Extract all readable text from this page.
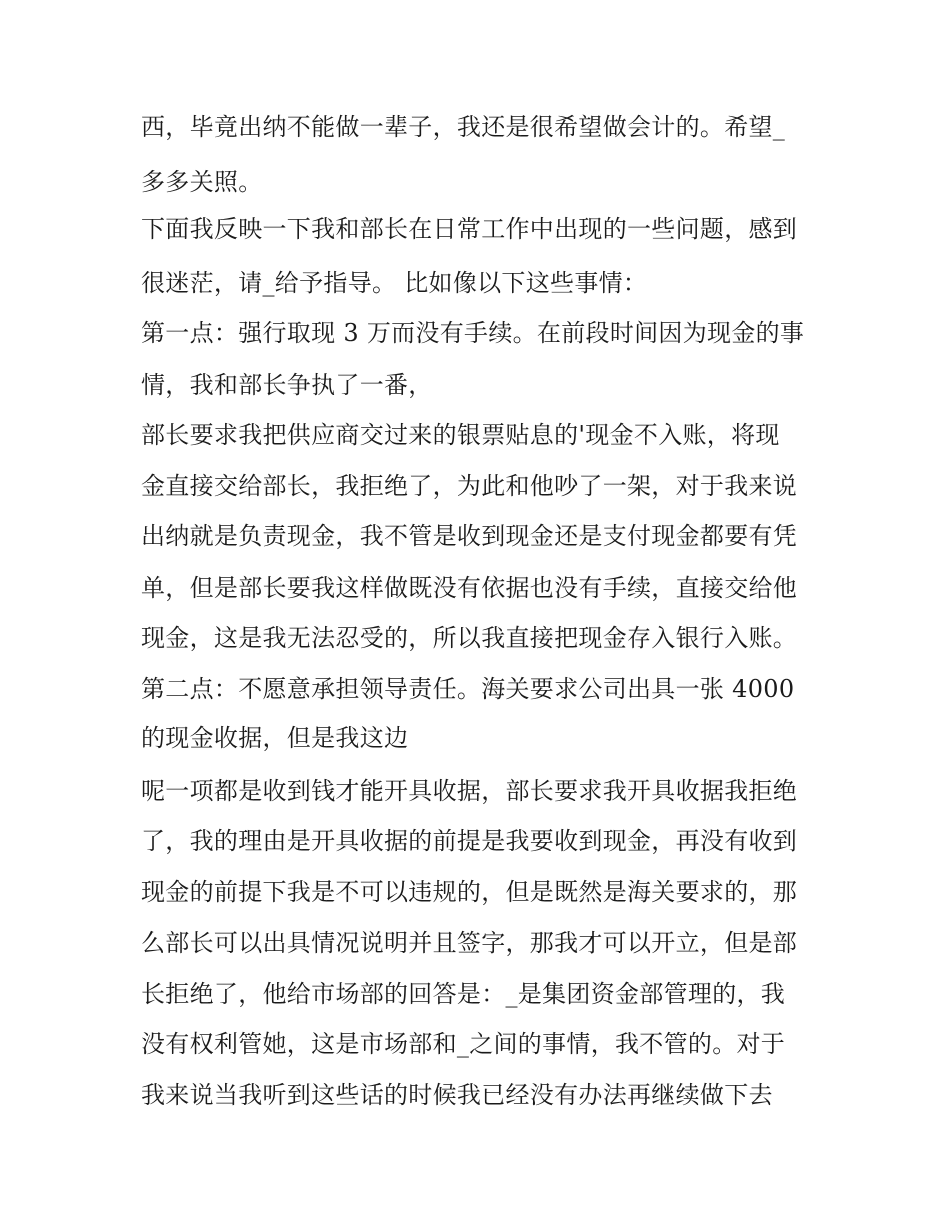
西，毕竟出纳不能做一辈子，我还是很希望做会计的。希望_
多多关照。
下面我反映一下我和部长在日常工作中出现的一些问题，感到
很迷茫，请_给予指导。 比如像以下这些事情：
第一点：强行取现 3 万而没有手续。在前段时间因为现金的事
情，我和部长争执了一番，
部长要求我把供应商交过来的银票贴息的'现金不入账，将现
金直接交给部长，我拒绝了，为此和他吵了一架，对于我来说
出纳就是负责现金，我不管是收到现金还是支付现金都要有凭
单，但是部长要我这样做既没有依据也没有手续，直接交给他
现金，这是我无法忍受的，所以我直接把现金存入银行入账。
第二点：不愿意承担领导责任。海关要求公司出具一张 4000
的现金收据，但是我这边
呢一项都是收到钱才能开具收据，部长要求我开具收据我拒绝
了，我的理由是开具收据的前提是我要收到现金，再没有收到
现金的前提下我是不可以违规的，但是既然是海关要求的，那
么部长可以出具情况说明并且签字，那我才可以开立，但是部
长拒绝了，他给市场部的回答是：_是集团资金部管理的，我
没有权利管她，这是市场部和_之间的事情，我不管的。对于
我来说当我听到这些话的时候我已经没有办法再继续做下去
